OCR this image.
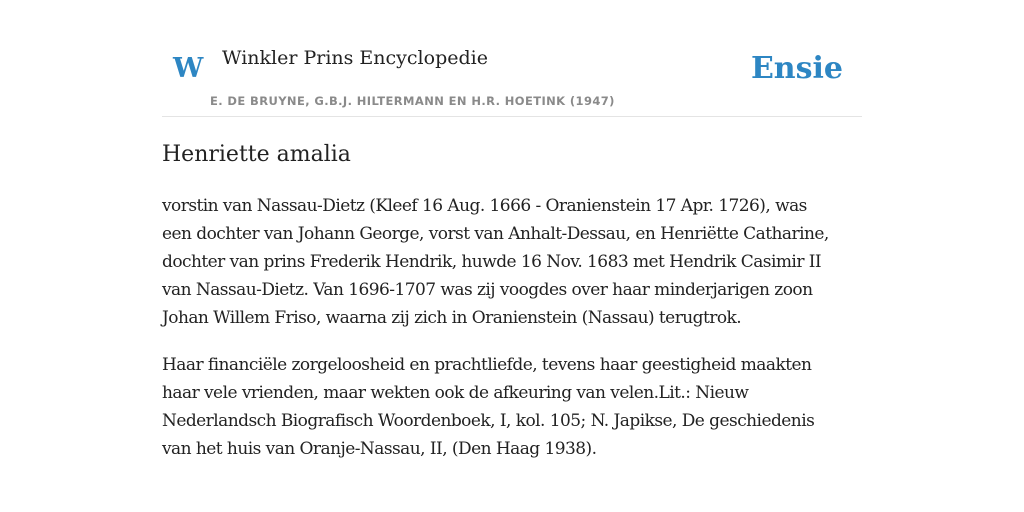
W Winkler Prins Encyclopedie
E. DE BRUYNE, G.B.J. HILTERMANN EN H.R. HOETINK (1947)
Ensie
Henriette amalia

vorstin van Nassau-Dietz (Kleef 16 Aug. 1666 - Oranienstein 17 Apr. 1726), was
een dochter van Johann George, vorst van Anhalt-Dessau, en Henriëtte Catharine,
dochter van prins Frederik Hendrik, huwde 16 Nov. 1683 met Hendrik Casimir II
van Nassau-Dietz. Van 1696-1707 was zij voogdes over haar minderjarigen zoon
Johan Willem Friso, waarna zij zich in Oranienstein (Nassau) terugtrok.

Haar financiële zorgeloosheid en prachtliefde, tevens haar geestigheid maakten
haar vele vrienden, maar wekten ook de afkeuring van velen.Lit.: Nieuw
Nederlandsch Biografisch Woordenboek, I, kol. 105; N. Japikse, De geschiedenis
van het huis van Oranje-Nassau, II, (Den Haag 1938).
